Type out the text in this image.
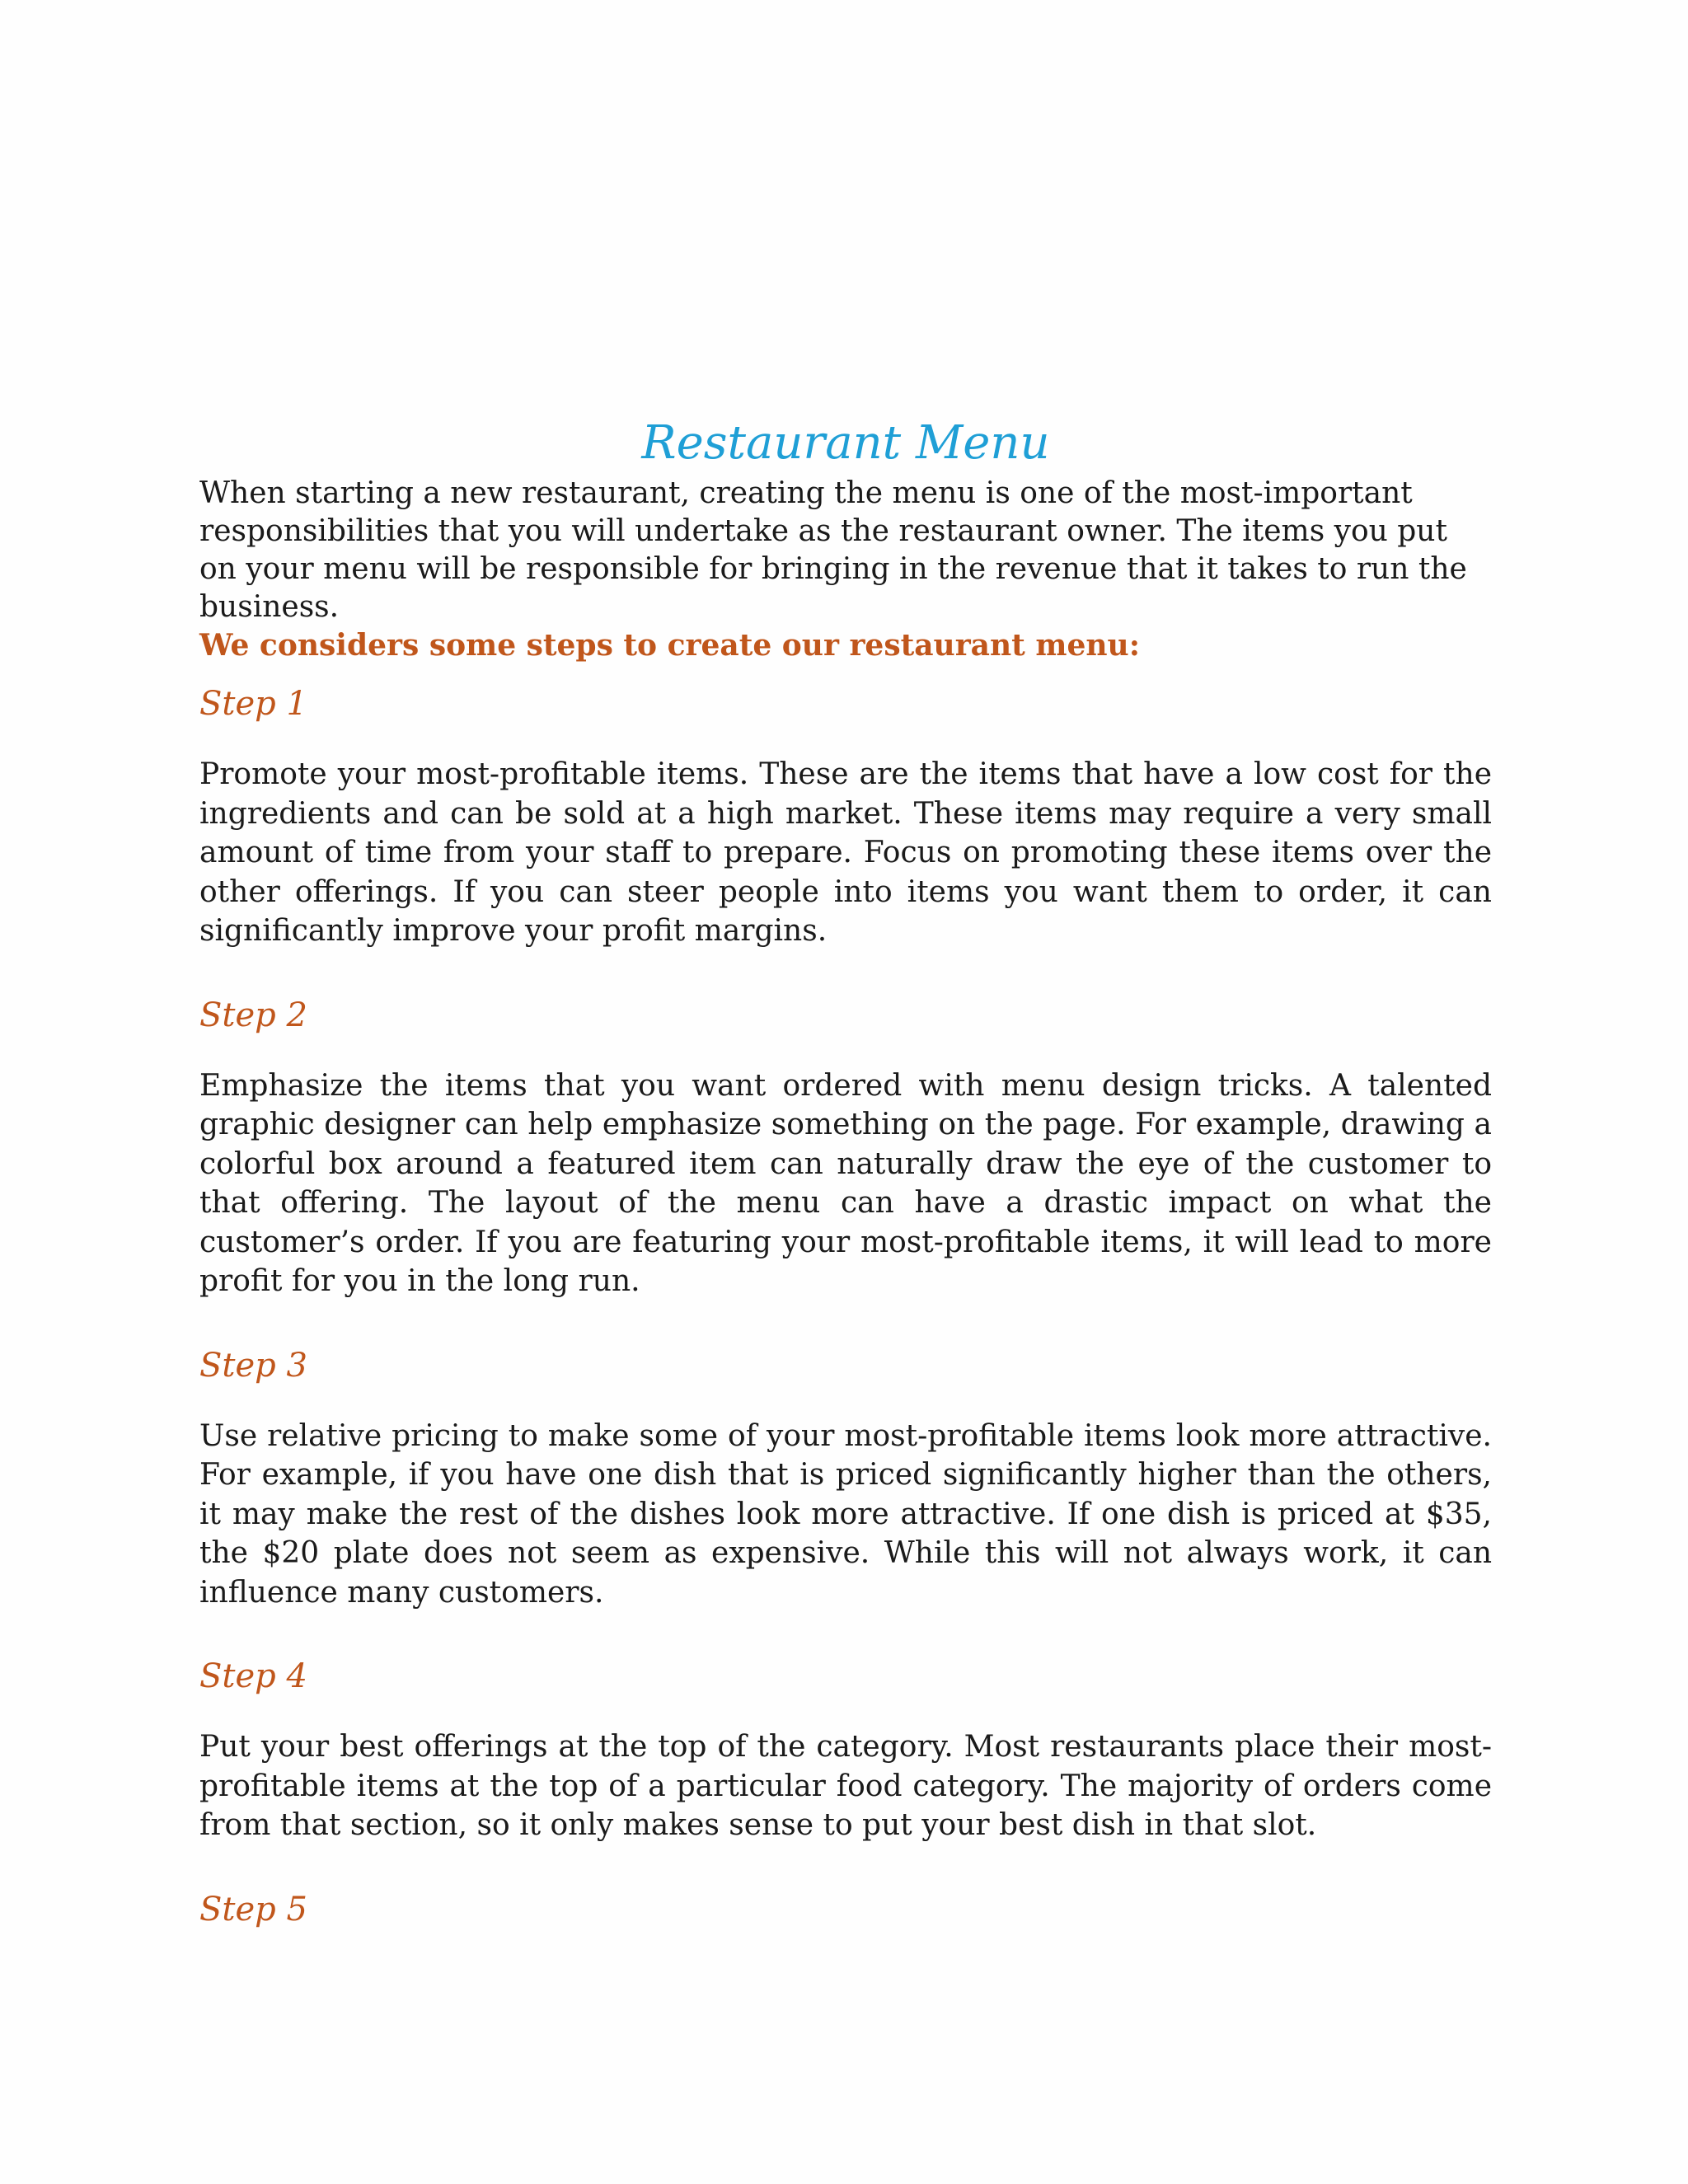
Restaurant Menu

When starting a new restaurant, creating the menu is one of the most-important responsibilities that you will undertake as the restaurant owner. The items you put on your menu will be responsible for bringing in the revenue that it takes to run the business.

We considers some steps to create our restaurant menu:

Step 1

Promote your most-profitable items. These are the items that have a low cost for the ingredients and can be sold at a high market. These items may require a very small amount of time from your staff to prepare. Focus on promoting these items over the other offerings. If you can steer people into items you want them to order, it can significantly improve your profit margins.

Step 2

Emphasize the items that you want ordered with menu design tricks. A talented graphic designer can help emphasize something on the page. For example, drawing a colorful box around a featured item can naturally draw the eye of the customer to that offering. The layout of the menu can have a drastic impact on what the customer’s order. If you are featuring your most-profitable items, it will lead to more profit for you in the long run.

Step 3

Use relative pricing to make some of your most-profitable items look more attractive. For example, if you have one dish that is priced significantly higher than the others, it may make the rest of the dishes look more attractive. If one dish is priced at $35, the $20 plate does not seem as expensive. While this will not always work, it can influence many customers.

Step 4

Put your best offerings at the top of the category. Most restaurants place their most-profitable items at the top of a particular food category. The majority of orders come from that section, so it only makes sense to put your best dish in that slot.

Step 5
